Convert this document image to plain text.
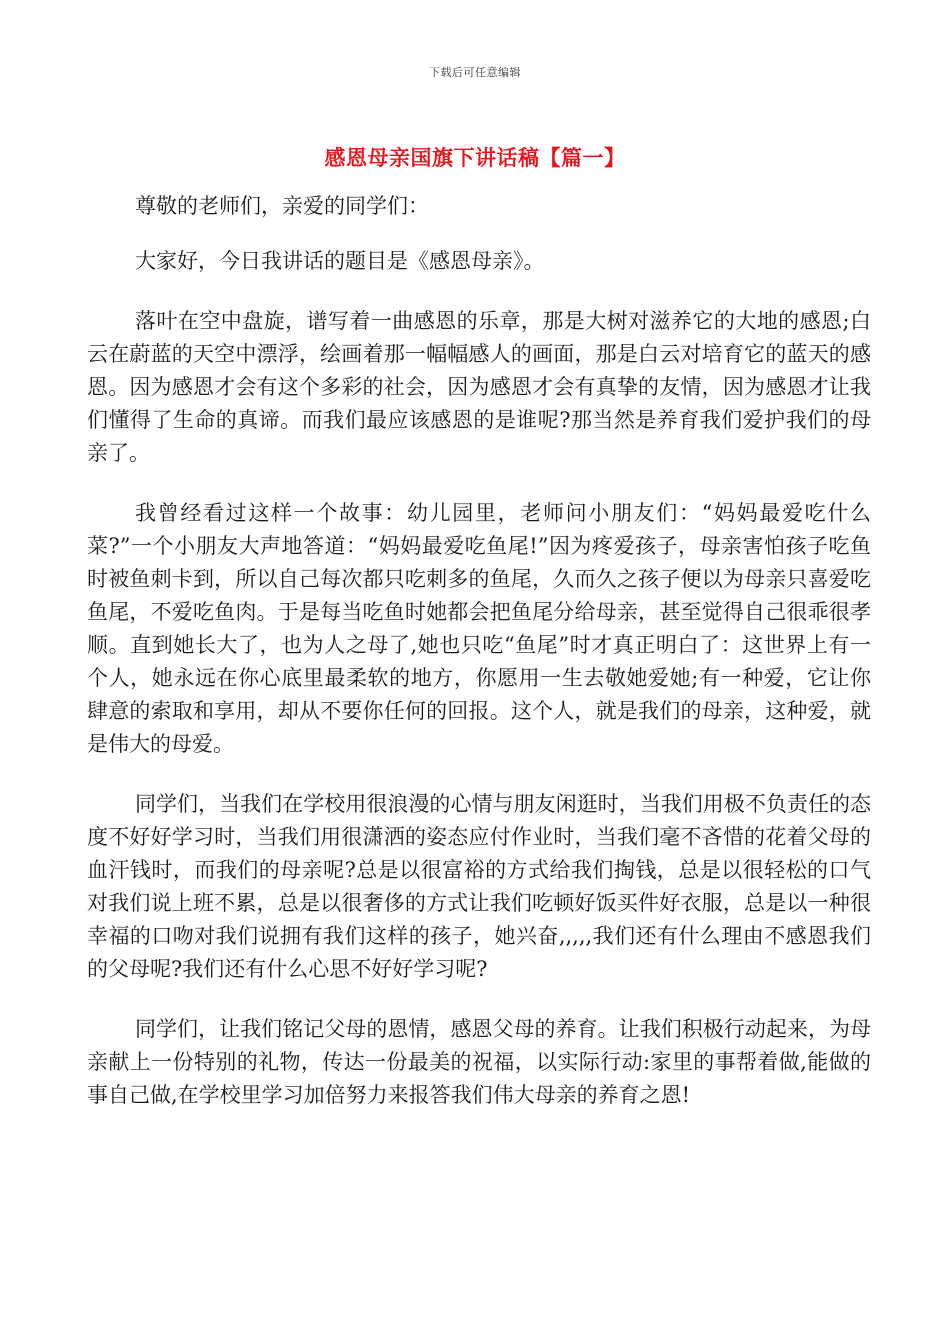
下载后可任意编辑
感恩母亲国旗下讲话稿【篇一】

尊敬的老师们，亲爱的同学们：

大家好，今日我讲话的题目是《感恩母亲》。

落叶在空中盘旋，谱写着一曲感恩的乐章，那是大树对滋养它的大地的感恩;白云在蔚蓝的天空中漂浮，绘画着那一幅幅感人的画面，那是白云对培育它的蓝天的感恩。因为感恩才会有这个多彩的社会，因为感恩才会有真挚的友情，因为感恩才让我们懂得了生命的真谛。而我们最应该感恩的是谁呢?那当然是养育我们爱护我们的母亲了。

我曾经看过这样一个故事：幼儿园里，老师问小朋友们：“妈妈最爱吃什么菜?”一个小朋友大声地答道：“妈妈最爱吃鱼尾!”因为疼爱孩子，母亲害怕孩子吃鱼时被鱼刺卡到，所以自己每次都只吃刺多的鱼尾，久而久之孩子便以为母亲只喜爱吃鱼尾，不爱吃鱼肉。于是每当吃鱼时她都会把鱼尾分给母亲，甚至觉得自己很乖很孝顺。直到她长大了，也为人之母了,她也只吃“鱼尾”时才真正明白了：这世界上有一个人，她永远在你心底里最柔软的地方，你愿用一生去敬她爱她;有一种爱，它让你肆意的索取和享用，却从不要你任何的回报。这个人，就是我们的母亲，这种爱，就是伟大的母爱。

同学们，当我们在学校用很浪漫的心情与朋友闲逛时，当我们用极不负责任的态度不好好学习时，当我们用很潇洒的姿态应付作业时，当我们毫不吝惜的花着父母的血汗钱时，而我们的母亲呢?总是以很富裕的方式给我们掏钱，总是以很轻松的口气对我们说上班不累，总是以很奢侈的方式让我们吃顿好饭买件好衣服，总是以一种很幸福的口吻对我们说拥有我们这样的孩子，她兴奋,,,,,我们还有什么理由不感恩我们的父母呢?我们还有什么心思不好好学习呢?

同学们，让我们铭记父母的恩情，感恩父母的养育。让我们积极行动起来，为母亲献上一份特别的礼物，传达一份最美的祝福，以实际行动:家里的事帮着做,能做的事自己做,在学校里学习加倍努力来报答我们伟大母亲的养育之恩!
